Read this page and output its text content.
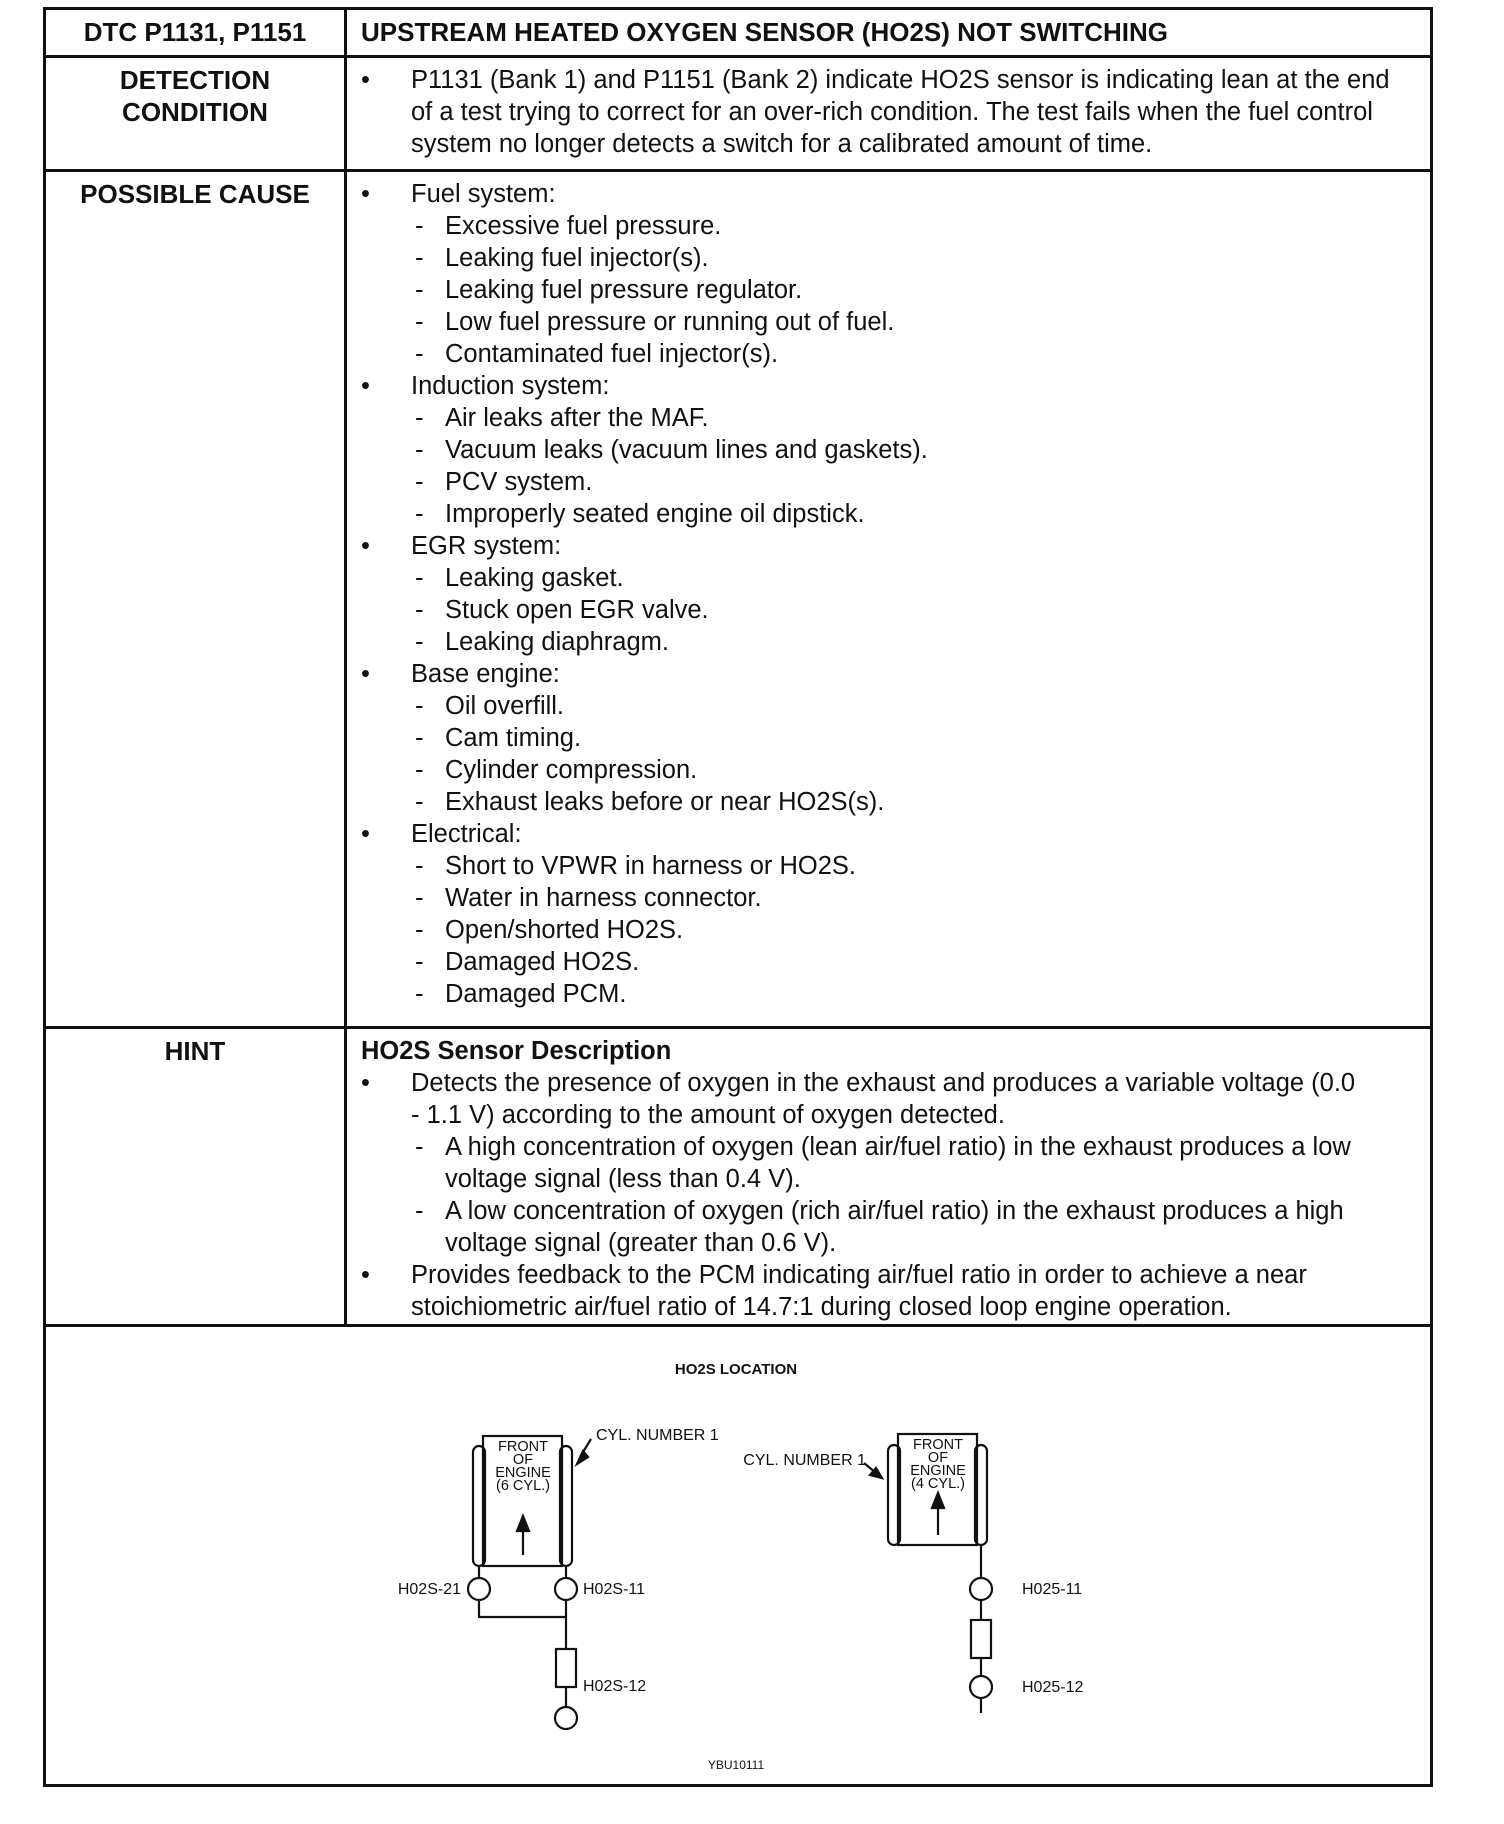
DTC P1131, P1151	UPSTREAM HEATED OXYGEN SENSOR (HO2S) NOT SWITCHING
DETECTION
CONDITION
• P1131 (Bank 1) and P1151 (Bank 2) indicate HO2S sensor is indicating lean at the end of a test trying to correct for an over-rich condition. The test fails when the fuel control system no longer detects a switch for a calibrated amount of time.
POSSIBLE CAUSE
•	Fuel system:
- Excessive fuel pressure.
- Leaking fuel injector(s).
- Leaking fuel pressure regulator.
- Low fuel pressure or running out of fuel.
- Contaminated fuel injector(s).
• Induction system:
- Air leaks after the MAF.
- Vacuum leaks (vacuum lines and gaskets).
- PCV system.
- Improperly seated engine oil dipstick.
• EGR system:
- Leaking gasket.
- Stuck open EGR valve.
- Leaking diaphragm.
• Base engine:
- Oil overfill.
- Cam timing.
- Cylinder compression.
- Exhaust leaks before or near HO2S(s).
• Electrical:
- Short to VPWR in harness or HO2S.
- Water in harness connector.
- Open/shorted HO2S.
- Damaged HO2S.
- Damaged PCM.
HINT	HO2S Sensor Description
• Detects the presence of oxygen in the exhaust and produces a variable voltage (0.0
- 1.1 V) according to the amount of oxygen detected.
- A high concentration of oxygen (lean air/fuel ratio) in the exhaust produces a low voltage signal (less than 0.4 V).
- A low concentration of oxygen (rich air/fuel ratio) in the exhaust produces a high voltage signal (greater than 0.6 V).
• Provides feedback to the PCM indicating air/fuel ratio in order to achieve a near stoichiometric air/fuel ratio of 14.7:1 during closed loop engine operation.
HO2S LOCATION
FRONT
OF
ENGINE
(6 CYL.)
CYL. NUMBER 1
H02S-21	H02S-11
H02S-12
FRONT
OF
ENGINE
(4 CYL.)
CYL. NUMBER 1
H025-11
H025-12
YBU10111
